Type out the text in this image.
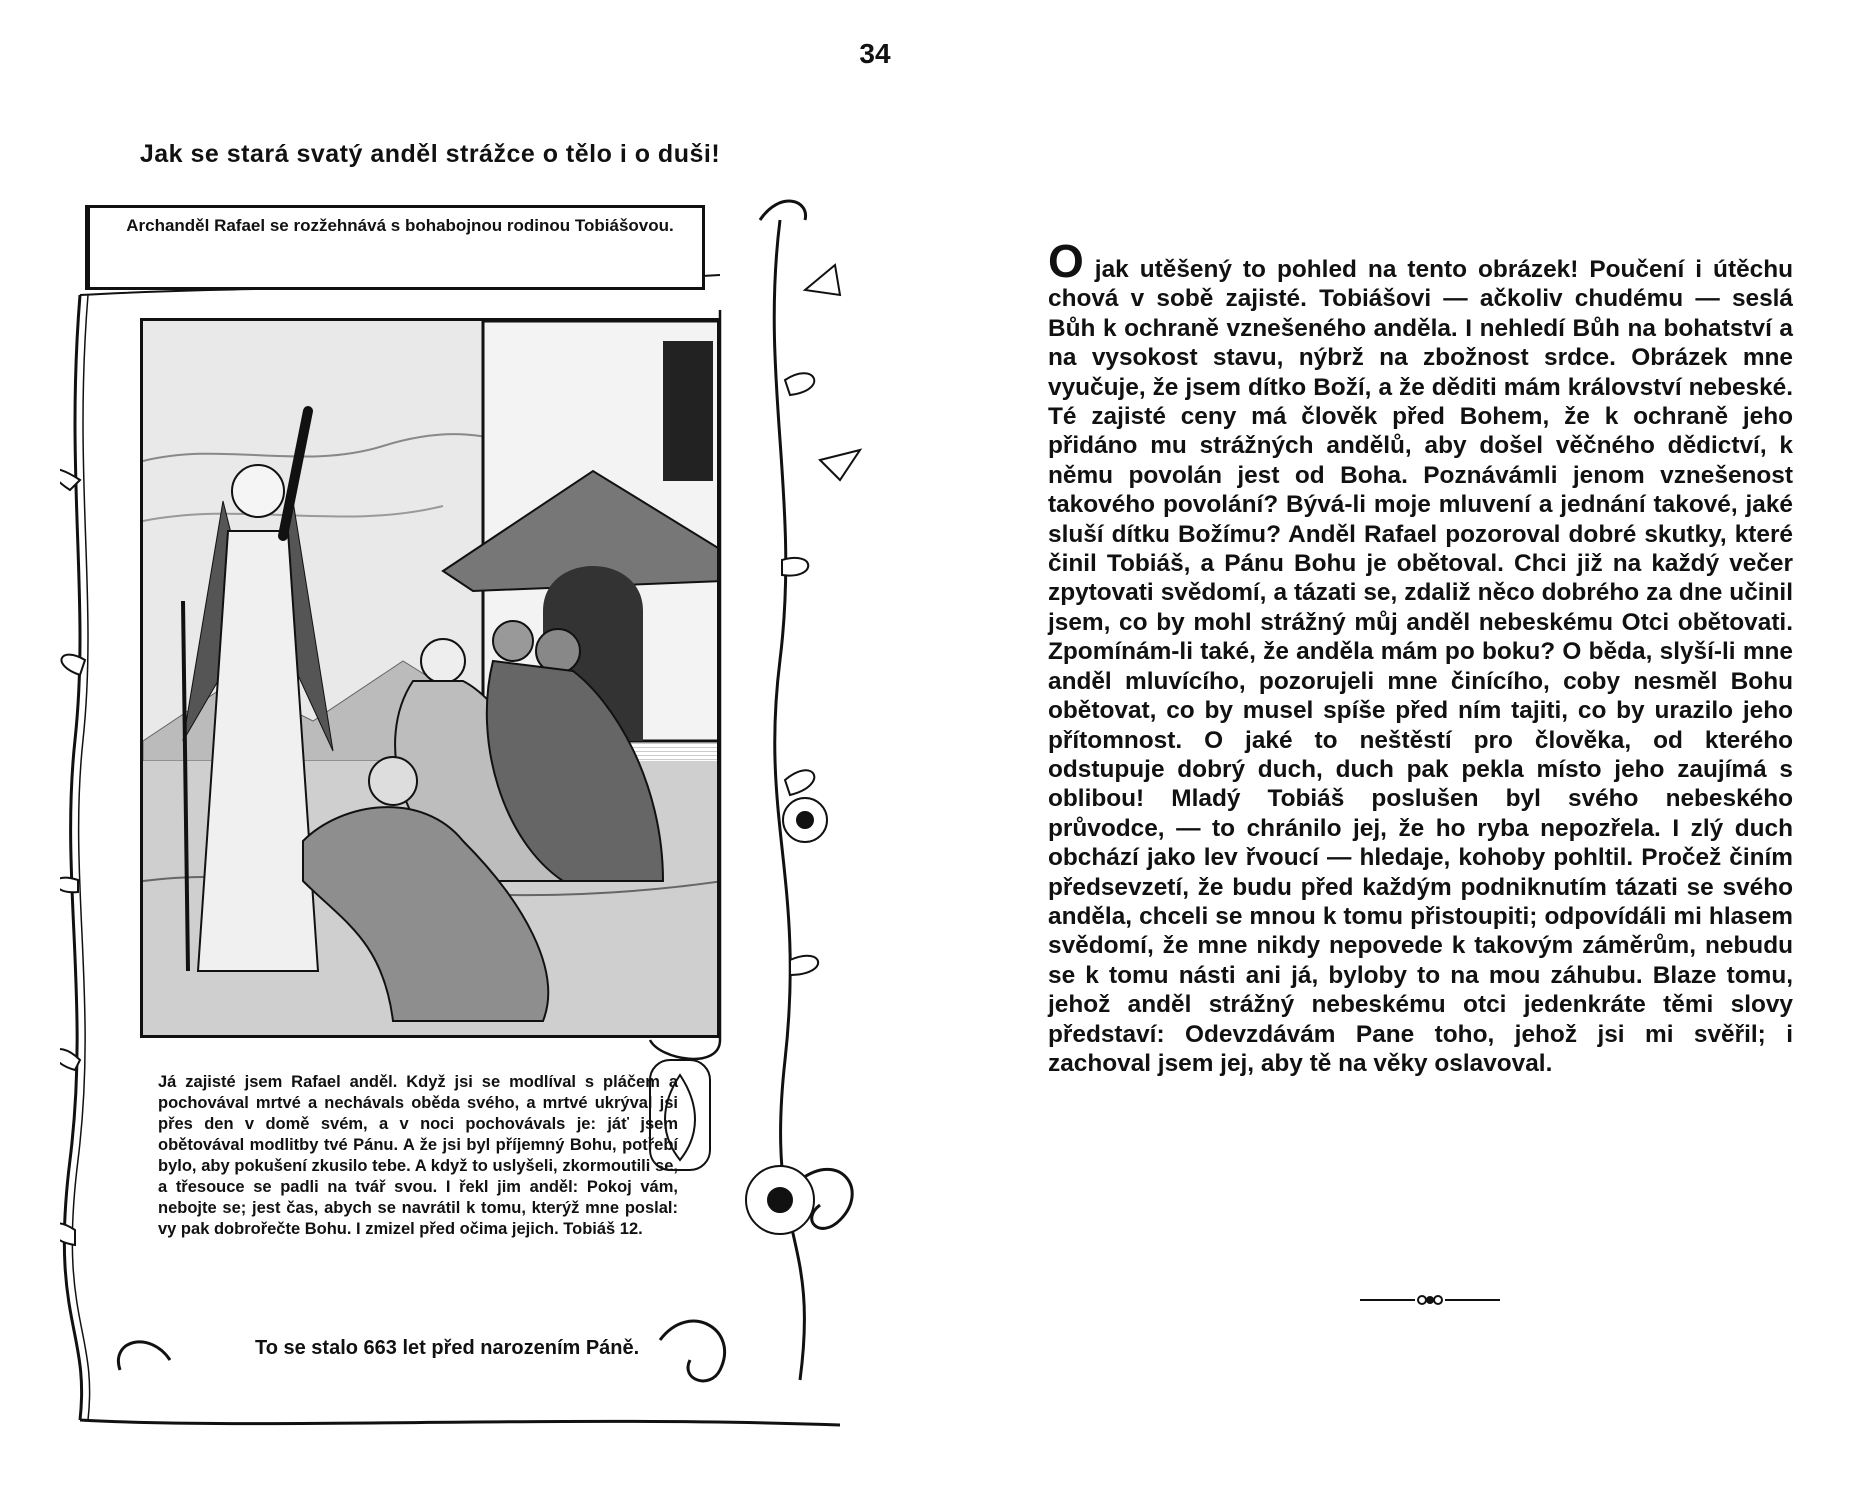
34
Jak se stará svatý anděl strážce o tělo i o duši!
Archanděl Rafael se rozžehnává s bohabojnou rodinou Tobiášovou.
Já zajisté jsem Rafael anděl. Když jsi se modlíval s pláčem a pochovával mrtvé a nechávals oběda svého, a mrtvé ukrýval jsi přes den v domě svém, a v noci pochovávals je: jáť jsem obětovával modlitby tvé Pánu. A že jsi byl příjemný Bohu, potřebí bylo, aby pokušení zkusilo tebe. A když to uslyšeli, zkormoutili se, a třesouce se padli na tvář svou. I řekl jim anděl: Pokoj vám, nebojte se; jest čas, abych se navrátil k tomu, kterýž mne poslal: vy pak dobrořečte Bohu. I zmizel před očima jejich. Tobiáš 12.
To se stalo 663 let před narozením Páně.

O jak utěšený to pohled na tento obrázek! Poučení i útěchu chová v sobě zajisté. Tobiášovi — ačkoliv chudému — seslá Bůh k ochraně vznešeného anděla. I nehledí Bůh na bohatství a na vysokost stavu, nýbrž na zbožnost srdce. Obrázek mne vyučuje, že jsem dítko Boží, a že děditi mám království nebeské. Té zajisté ceny má člověk před Bohem, že k ochraně jeho přidáno mu strážných andělů, aby došel věčného dědictví, k němu povolán jest od Boha. Poznávámli jenom vznešenost takového povolání? Bývá-li moje mluvení a jednání takové, jaké sluší dítku Božímu? Anděl Rafael pozoroval dobré skutky, které činil Tobiáš, a Pánu Bohu je obětoval. Chci již na každý večer zpytovati svědomí, a tázati se, zdaliž něco dobrého za dne učinil jsem, co by mohl strážný můj anděl nebeskému Otci obětovati. Zpomínám-li také, že anděla mám po boku? O běda, slyší-li mne anděl mluvícího, pozorujeli mne činícího, coby nesměl Bohu obětovat, co by musel spíše před ním tajiti, co by urazilo jeho přítomnost. O jaké to neštěstí pro člověka, od kterého odstupuje dobrý duch, duch pak pekla místo jeho zaujímá s oblibou! Mladý Tobiáš poslušen byl svého nebeského průvodce, — to chránilo jej, že ho ryba nepozřela. I zlý duch obchází jako lev řvoucí — hledaje, kohoby pohltil. Pročež činím předsevzetí, že budu před každým podniknutím tázati se svého anděla, chceli se mnou k tomu přistoupiti; odpovídáli mi hlasem svědomí, že mne nikdy nepovede k takovým záměrům, nebudu se k tomu násti ani já, byloby to na mou záhubu. Blaze tomu, jehož anděl strážný nebeskému otci jedenkráte těmi slovy představí: Odevzdávám Pane toho, jehož jsi mi svěřil; i zachoval jsem jej, aby tě na věky oslavoval.
